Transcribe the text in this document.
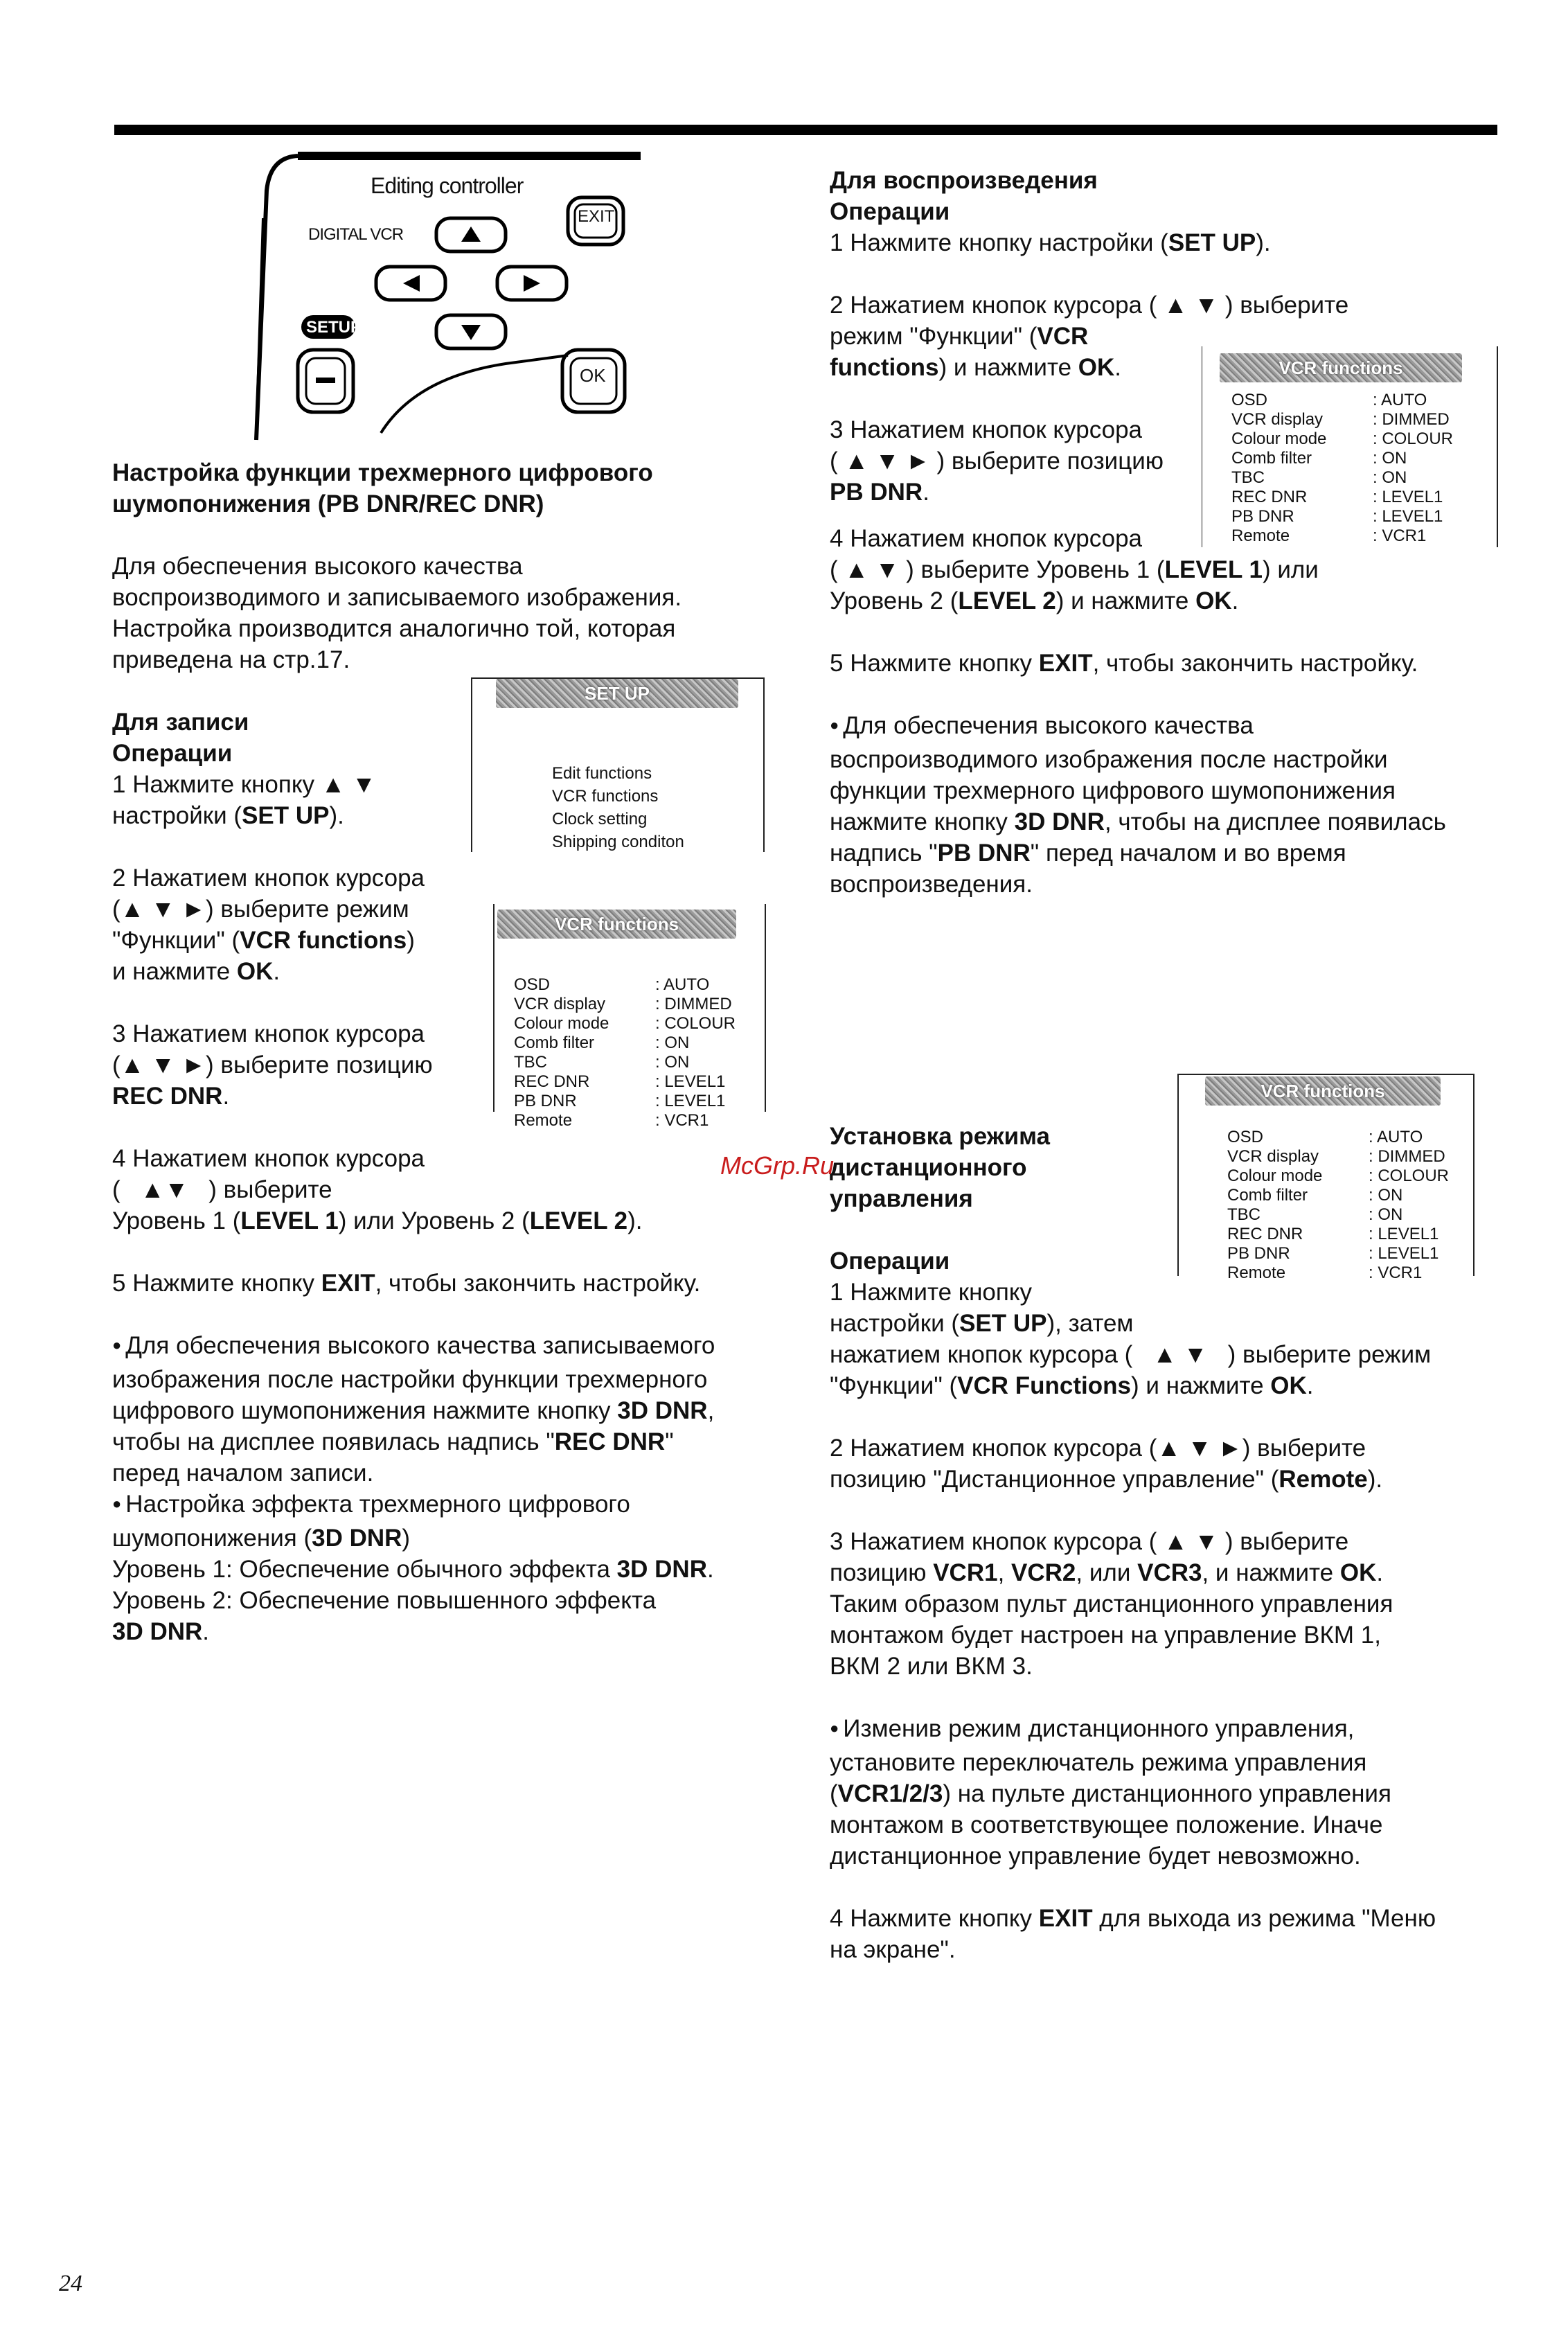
Editing controller
DIGITAL VCR
SETUP
EXIT
OK

Настройка функции трехмерного цифрового

шумопонижения (PB DNR/REC DNR)

Для обеспечения высокого качества

воспроизводимого и записываемого изображения.

Настройка производится аналогично той, которая

приведена на стр.17.

Для записи

Операции

1 Нажмите кнопку ▲ ▼

настройки (SET UP).

2 Нажатием кнопок курсора

(▲ ▼ ►) выберите режим

"Функции" (VCR functions)

и нажмите OK.

3 Нажатием кнопок курсора

(▲ ▼ ►) выберите позицию

REC DNR.

4 Нажатием кнопок курсора

(   ▲▼   ) выберите

Уровень 1 (LEVEL 1) или Уровень 2 (LEVEL 2).

5 Нажмите кнопку EXIT, чтобы закончить настройку.

● Для обеспечения высокого качества записываемого

изображения после настройки функции трехмерного

цифрового шумопонижения нажмите кнопку 3D DNR,

чтобы на дисплее появилась надпись "REC DNR"

перед началом записи.

● Настройка эффекта трехмерного цифрового

шумопонижения (3D DNR)

Уровень 1: Обеспечение обычного эффекта 3D DNR.

Уровень 2: Обеспечение повышенного эффекта

3D DNR.

SET UP
Edit functions
VCR functions
Clock setting
Shipping conditon
VCR functions
OSD	: AUTO
VCR display	: DIMMED
Colour mode	: COLOUR
Comb filter	: ON
TBC	: ON
REC DNR	: LEVEL1
PB DNR	: LEVEL1
Remote	: VCR1

Для воспроизведения

Операции

1 Нажмите кнопку настройки (SET UP).

2 Нажатием кнопок курсора ( ▲ ▼ ) выберите

режим "Функции" (VCR

functions) и нажмите OK.

3 Нажатием кнопок курсора

( ▲ ▼ ► ) выберите позицию

PB DNR.

4 Нажатием кнопок курсора

( ▲ ▼ ) выберите Уровень 1 (LEVEL 1) или

Уровень 2 (LEVEL 2) и нажмите OK.

5 Нажмите кнопку EXIT, чтобы закончить настройку.

● Для обеспечения высокого качества

воспроизводимого изображения после настройки

функции трехмерного цифрового шумопонижения

нажмите кнопку 3D DNR, чтобы на дисплее появилась

надпись "PB DNR" перед началом и во время

воспроизведения.

VCR functions
OSD	: AUTO
VCR display	: DIMMED
Colour mode	: COLOUR
Comb filter	: ON
TBC	: ON
REC DNR	: LEVEL1
PB DNR	: LEVEL1
Remote	: VCR1
VCR functions
OSD	: AUTO
VCR display	: DIMMED
Colour mode	: COLOUR
Comb filter	: ON
TBC	: ON
REC DNR	: LEVEL1
PB DNR	: LEVEL1
Remote	: VCR1

Установка режима

дистанционного

управления

Операции

1 Нажмите кнопку

настройки (SET UP), затем

нажатием кнопок курсора (   ▲ ▼   ) выберите режим

"Функции" (VCR Functions) и нажмите OK.

2 Нажатием кнопок курсора (▲ ▼ ►) выберите

позицию "Дистанционное управление" (Remote).

3 Нажатием кнопок курсора ( ▲ ▼ ) выберите

позицию VCR1, VCR2, или VCR3, и нажмите OK.

Таким образом пульт дистанционного управления

монтажом будет настроен на управление ВКМ 1,

ВКМ 2 или ВКМ 3.

● Изменив режим дистанционного управления,

установите переключатель режима управления

(VCR1/2/3) на пульте дистанционного управления

монтажом в соответствующее положение. Иначе

дистанционное управление будет невозможно.

4 Нажмите кнопку EXIT для выхода из режима "Меню

на экране".

McGrp.Ru
24
